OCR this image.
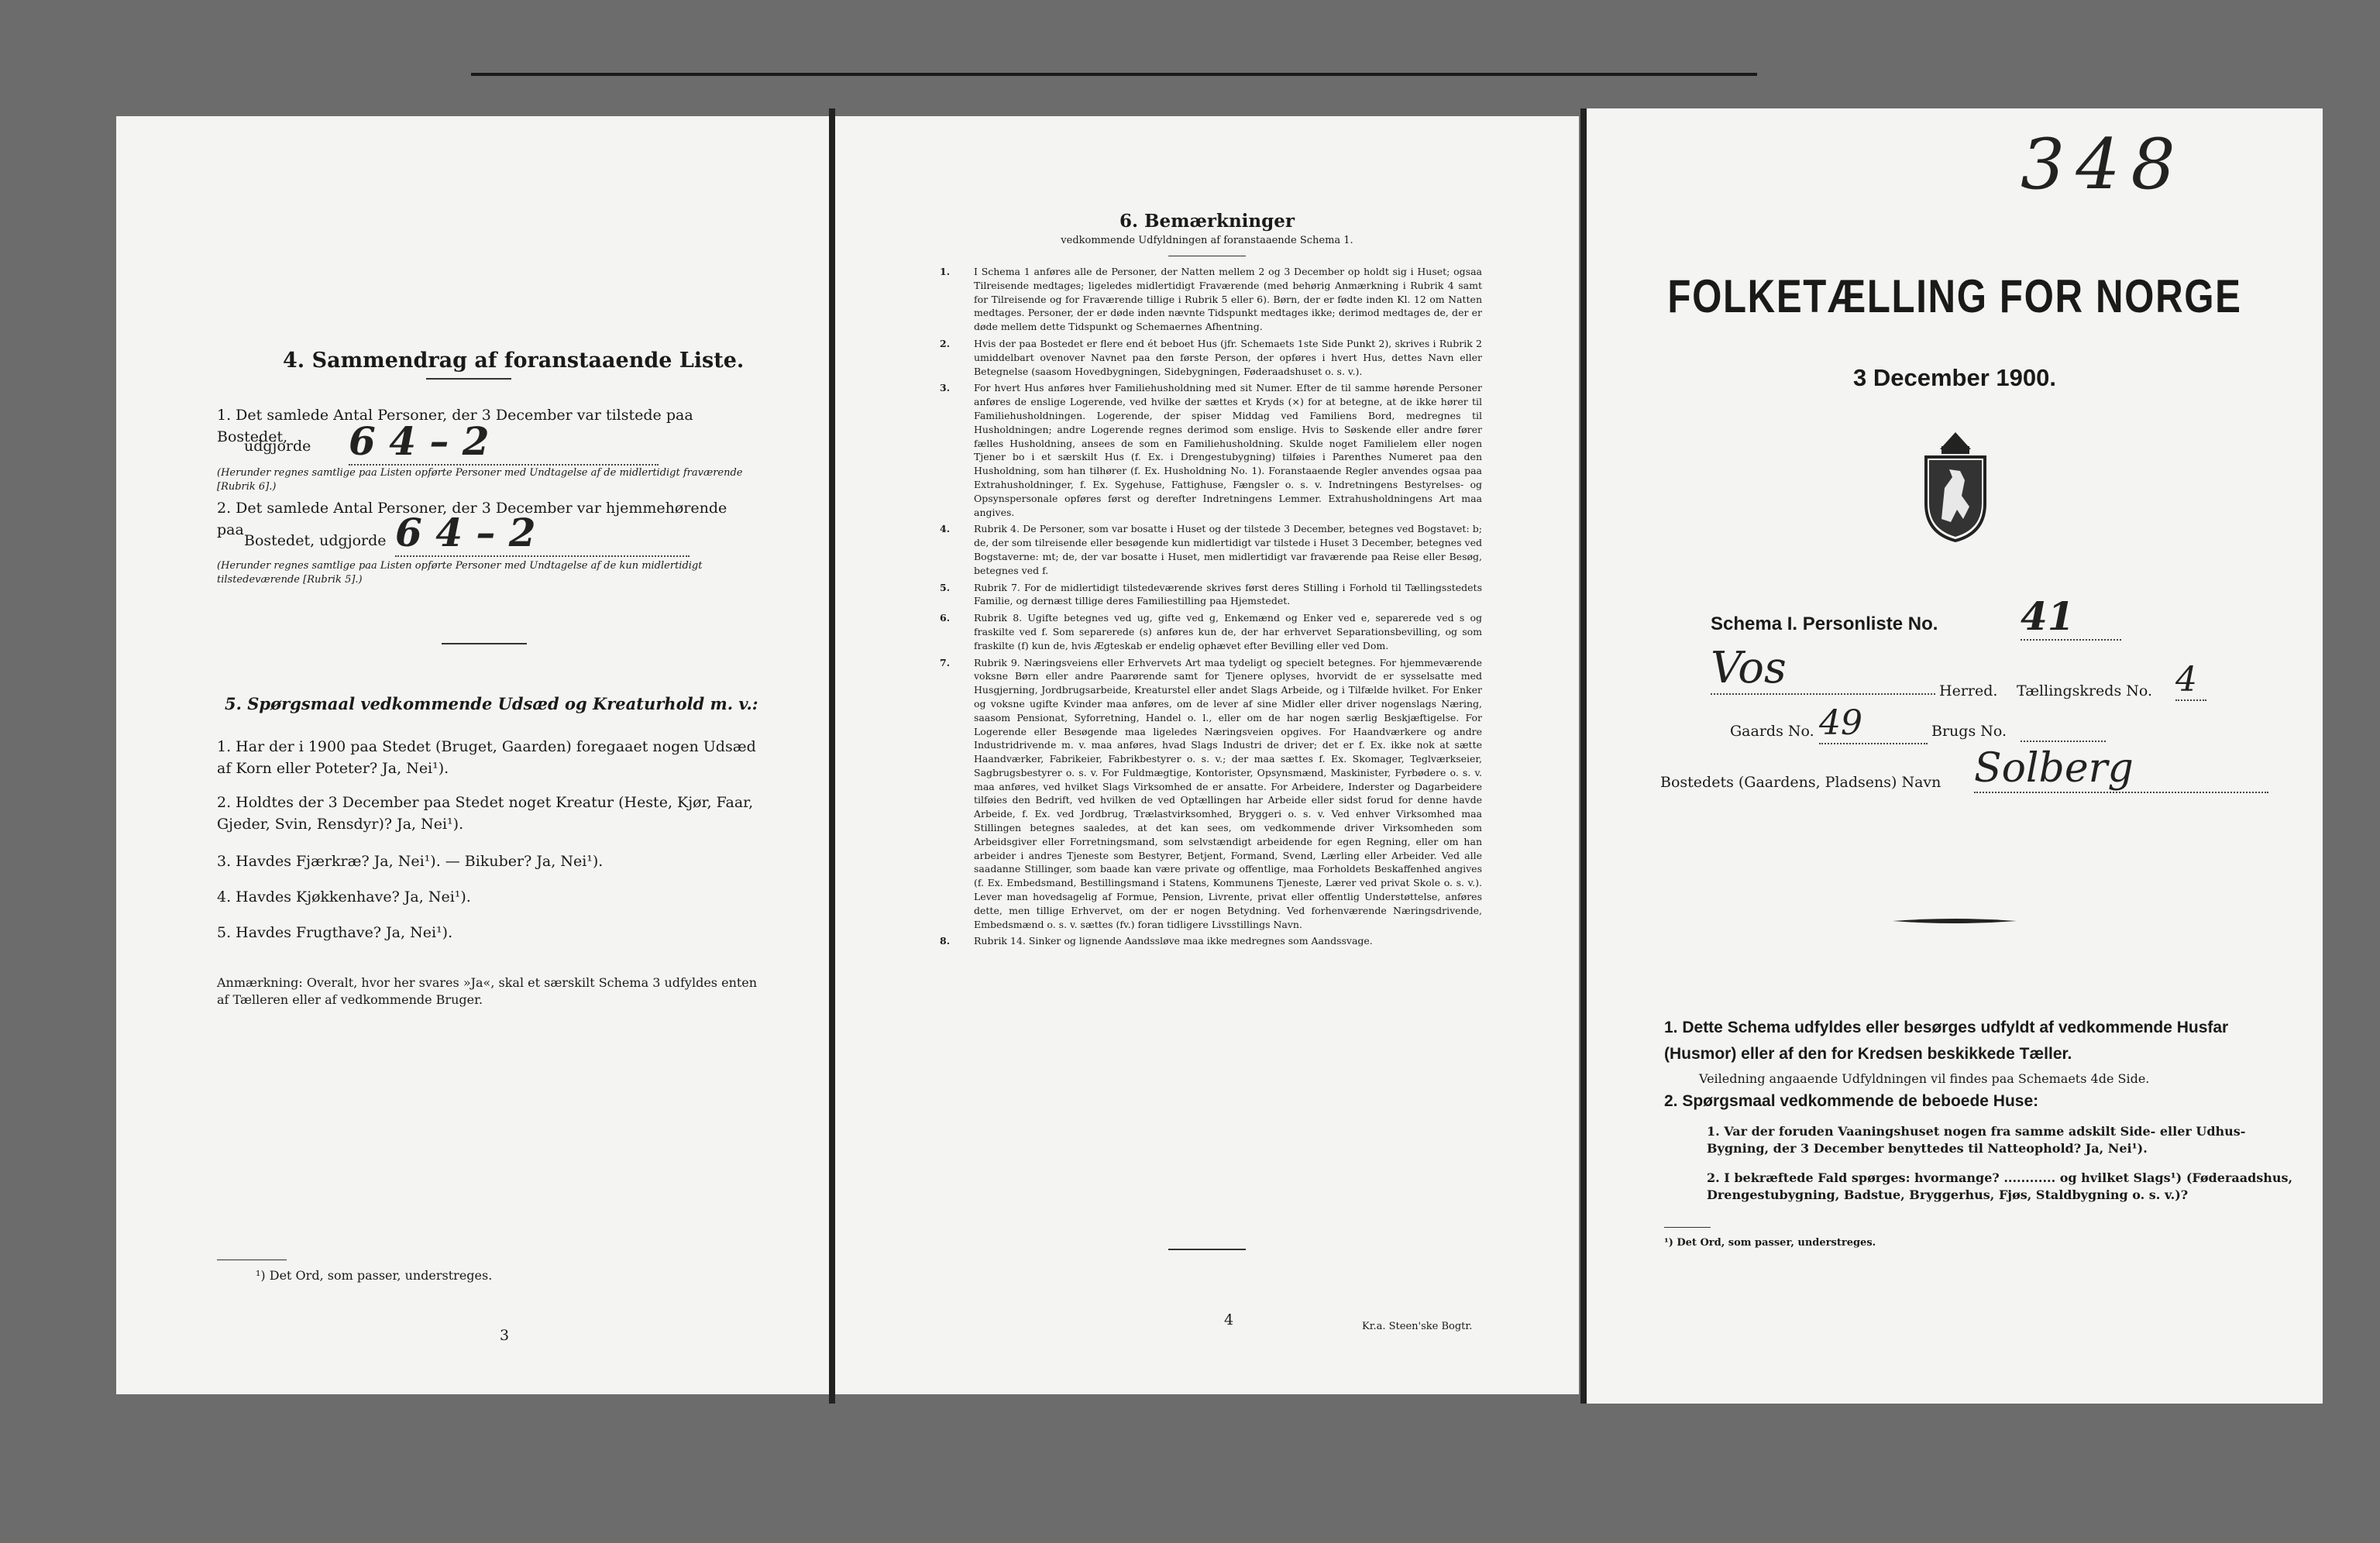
4. Sammendrag af foranstaaende Liste.
1. Det samlede Antal Personer, der 3 December var tilstede paa Bostedet,
udgjorde 6 4 – 2
(Herunder regnes samtlige paa Listen opførte Personer med Undtagelse af de midlertidigt fraværende [Rubrik 6].)
2. Det samlede Antal Personer, der 3 December var hjemmehørende paa
Bostedet, udgjorde 6 4 – 2
(Herunder regnes samtlige paa Listen opførte Personer med Undtagelse af de kun midlertidigt tilstedeværende [Rubrik 5].)
5. Spørgsmaal vedkommende Udsæd og Kreaturhold m. v.:
1. Har der i 1900 paa Stedet (Bruget, Gaarden) foregaaet nogen Udsæd af Korn eller Poteter? Ja, Nei¹).
2. Holdtes der 3 December paa Stedet noget Kreatur (Heste, Kjør, Faar, Gjeder, Svin, Rensdyr)? Ja, Nei¹).
3. Havdes Fjærkræ? Ja, Nei¹). — Bikuber? Ja, Nei¹).
4. Havdes Kjøkkenhave? Ja, Nei¹).
5. Havdes Frugthave? Ja, Nei¹).
Anmærkning: Overalt, hvor her svares »Ja«, skal et særskilt Schema 3 udfyldes enten af Tælleren eller af vedkommende Bruger.
¹) Det Ord, som passer, understreges.
3
6. Bemærkninger
vedkommende Udfyldningen af foranstaaende Schema 1.
1.	I Schema 1 anføres alle de Personer, der Natten mellem 2 og 3 December op holdt sig i Huset; ogsaa Tilreisende medtages; ligeledes midlertidigt Fraværende (med behørig Anmærkning i Rubrik 4 samt for Tilreisende og for Fraværende tillige i Rubrik 5 eller 6). Børn, der er fødte inden Kl. 12 om Natten medtages. Personer, der er døde inden nævnte Tidspunkt medtages ikke; derimod medtages de, der er døde mellem dette Tidspunkt og Schemaernes Afhentning.
2.	Hvis der paa Bostedet er flere end ét beboet Hus (jfr. Schemaets 1ste Side Punkt 2), skrives i Rubrik 2 umiddelbart ovenover Navnet paa den første Person, der opføres i hvert Hus, dettes Navn eller Betegnelse (saasom Hovedbygningen, Sidebygningen, Føderaadshuset o. s. v.).
3.	For hvert Hus anføres hver Familiehusholdning med sit Numer. Efter de til samme hørende Personer anføres de enslige Logerende, ved hvilke der sættes et Kryds (×) for at betegne, at de ikke hører til Familiehusholdningen. Logerende, der spiser Middag ved Familiens Bord, medregnes til Husholdningen; andre Logerende regnes derimod som enslige. Hvis to Søskende eller andre fører fælles Husholdning, ansees de som en Familiehusholdning. Skulde noget Familielem eller nogen Tjener bo i et særskilt Hus (f. Ex. i Drengestubygning) tilføies i Parenthes Numeret paa den Husholdning, som han tilhører (f. Ex. Husholdning No. 1). Foranstaaende Regler anvendes ogsaa paa Extrahusholdninger, f. Ex. Sygehuse, Fattighuse, Fængsler o. s. v. Indretningens Bestyrelses- og Opsynspersonale opføres først og derefter Indretningens Lemmer. Extrahusholdningens Art maa angives.
4.	Rubrik 4. De Personer, som var bosatte i Huset og der tilstede 3 December, betegnes ved Bogstavet: b; de, der som tilreisende eller besøgende kun midlertidigt var tilstede i Huset 3 December, betegnes ved Bogstaverne: mt; de, der var bosatte i Huset, men midlertidigt var fraværende paa Reise eller Besøg, betegnes ved f.
5.	Rubrik 7. For de midlertidigt tilstedeværende skrives først deres Stilling i Forhold til Tællingsstedets Familie, og dernæst tillige deres Familiestilling paa Hjemstedet.
6.	Rubrik 8. Ugifte betegnes ved ug, gifte ved g, Enkemænd og Enker ved e, separerede ved s og fraskilte ved f. Som separerede (s) anføres kun de, der har erhvervet Separationsbevilling, og som fraskilte (f) kun de, hvis Ægteskab er endelig ophævet efter Bevilling eller ved Dom.
7.	Rubrik 9. Næringsveiens eller Erhvervets Art maa tydeligt og specielt betegnes. For hjemmeværende voksne Børn eller andre Paarørende samt for Tjenere oplyses, hvorvidt de er sysselsatte med Husgjerning, Jordbrugsarbeide, Kreaturstel eller andet Slags Arbeide, og i Tilfælde hvilket. For Enker og voksne ugifte Kvinder maa anføres, om de lever af sine Midler eller driver nogenslags Næring, saasom Pensionat, Syforretning, Handel o. l., eller om de har nogen særlig Beskjæftigelse. For Logerende eller Besøgende maa ligeledes Næringsveien opgives. For Haandværkere og andre Industridrivende m. v. maa anføres, hvad Slags Industri de driver; det er f. Ex. ikke nok at sætte Haandværker, Fabrikeier, Fabrikbestyrer o. s. v.; der maa sættes f. Ex. Skomager, Teglværkseier, Sagbrugsbestyrer o. s. v. For Fuldmægtige, Kontorister, Opsynsmænd, Maskinister, Fyrbødere o. s. v. maa anføres, ved hvilket Slags Virksomhed de er ansatte. For Arbeidere, Inderster og Dagarbeidere tilføies den Bedrift, ved hvilken de ved Optællingen har Arbeide eller sidst forud for denne havde Arbeide, f. Ex. ved Jordbrug, Trælastvirksomhed, Bryggeri o. s. v. Ved enhver Virksomhed maa Stillingen betegnes saaledes, at det kan sees, om vedkommende driver Virksomheden som Arbeidsgiver eller Forretningsmand, som selvstændigt arbeidende for egen Regning, eller om han arbeider i andres Tjeneste som Bestyrer, Betjent, Formand, Svend, Lærling eller Arbeider. Ved alle saadanne Stillinger, som baade kan være private og offentlige, maa Forholdets Beskaffenhed angives (f. Ex. Embedsmand, Bestillingsmand i Statens, Kommunens Tjeneste, Lærer ved privat Skole o. s. v.). Lever man hovedsagelig af Formue, Pension, Livrente, privat eller offentlig Understøttelse, anføres dette, men tillige Erhvervet, om der er nogen Betydning. Ved forhenværende Næringsdrivende, Embedsmænd o. s. v. sættes (fv.) foran tidligere Livsstillings Navn.
8.	Rubrik 14. Sinker og lignende Aandssløve maa ikke medregnes som Aandssvage.
4	Kr.a. Steen'ske Bogtr.
348
FOLKETÆLLING FOR NORGE
3 December 1900.
Schema I. Personliste No. 41
Vos	Herred. Tællingskreds No. 4
Gaards No. 49	Brugs No.
Bostedets (Gaardens, Pladsens) Navn Solberg
1. Dette Schema udfyldes eller besørges udfyldt af vedkommende Husfar (Husmor) eller af den for Kredsen beskikkede Tæller.
Veiledning angaaende Udfyldningen vil findes paa Schemaets 4de Side.
2. Spørgsmaal vedkommende de beboede Huse:
1. Var der foruden Vaaningshuset nogen fra samme adskilt Side- eller Udhus-Bygning, der 3 December benyttedes til Natteophold? Ja, Nei¹).
2. I bekræftede Fald spørges: hvormange? ............ og hvilket Slags¹) (Føderaadshus, Drengestubygning, Badstue, Bryggerhus, Fjøs, Staldbygning o. s. v.)?
¹) Det Ord, som passer, understreges.
